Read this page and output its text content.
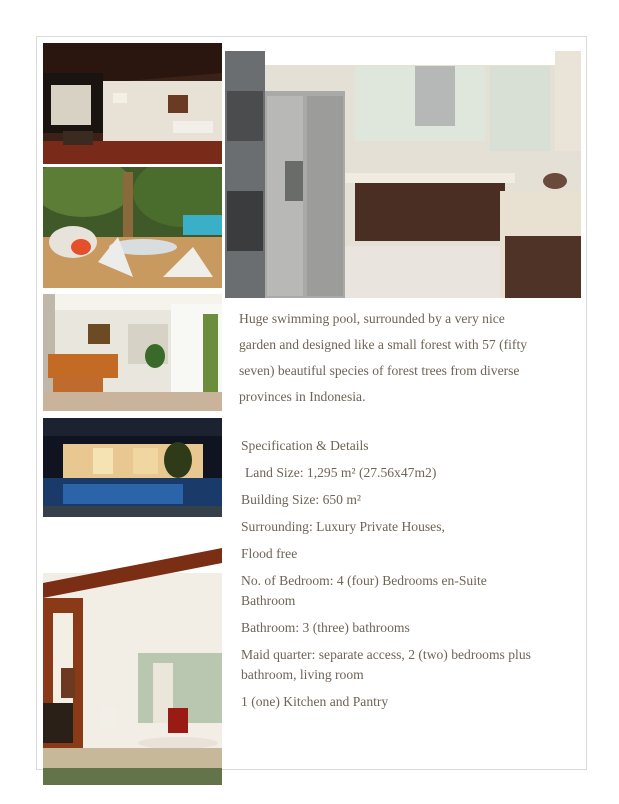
Huge swimming pool, surrounded by a very nice

garden and designed like a small forest with 57 (fifty

seven) beautiful species of forest trees from diverse

provinces in Indonesia.

Specification & Details

Land Size: 1,295 m² (27.56x47m2)

Building Size: 650 m²

Surrounding: Luxury Private Houses,

Flood free

No. of Bedroom: 4 (four) Bedrooms en-Suite

Bathroom

Bathroom: 3 (three) bathrooms

Maid quarter: separate access, 2 (two) bedrooms plus

bathroom, living room

1 (one) Kitchen and Pantry
